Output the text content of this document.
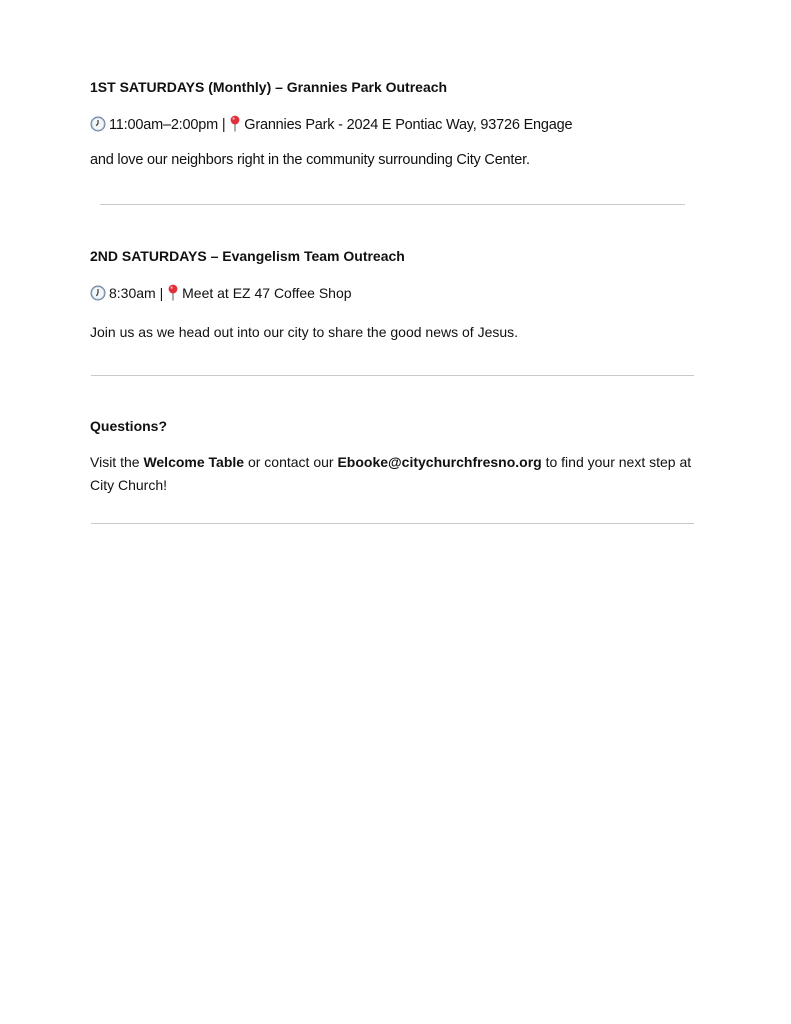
1ST SATURDAYS (Monthly) – Grannies Park Outreach
11:00am–2:00pm | Grannies Park - 2024 E Pontiac Way, 93726 Engage
and love our neighbors right in the community surrounding City Center.
2ND SATURDAYS – Evangelism Team Outreach
8:30am | Meet at EZ 47 Coffee Shop
Join us as we head out into our city to share the good news of Jesus.
Questions?
Visit the Welcome Table or contact our Ebooke@citychurchfresno.org to find your next step at City Church!
